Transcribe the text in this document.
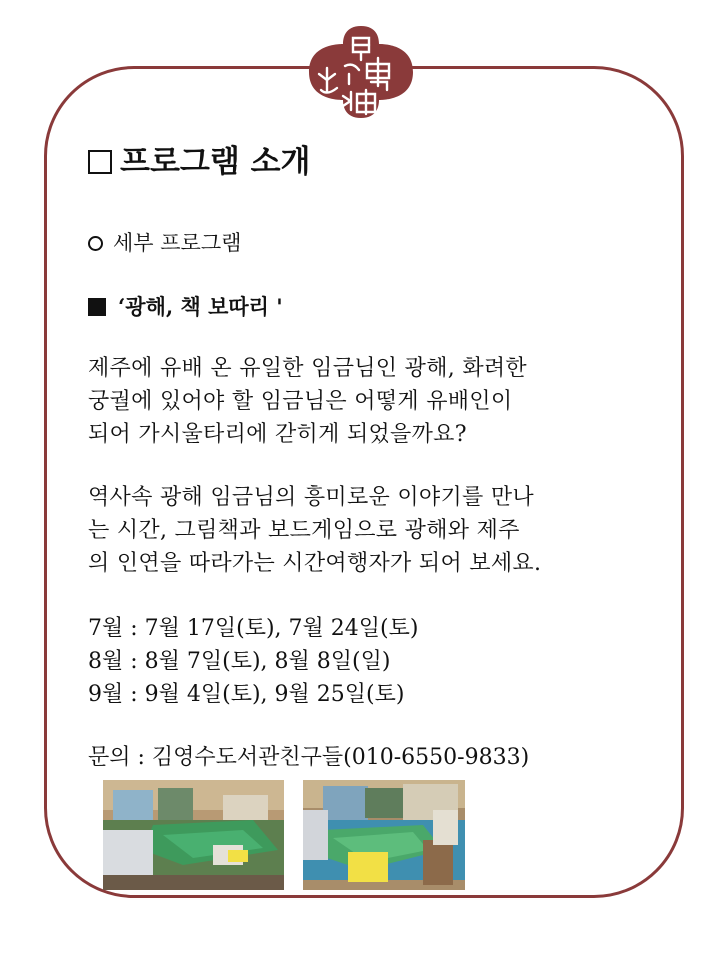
프로그램 소개
세부 프로그램
‘광해, 책 보따리 '
제주에 유배 온 유일한 임금님인 광해, 화려한
궁궐에 있어야 할 임금님은 어떻게 유배인이
되어 가시울타리에 갇히게 되었을까요?
역사속 광해 임금님의 흥미로운 이야기를 만나
는 시간, 그림책과 보드게임으로 광해와 제주
의 인연을 따라가는 시간여행자가 되어 보세요.
7월 : 7월 17일(토), 7월 24일(토)
8월 : 8월 7일(토), 8월 8일(일)
9월 : 9월 4일(토), 9월 25일(토)
문의 : 김영수도서관친구들(010-6550-9833)
